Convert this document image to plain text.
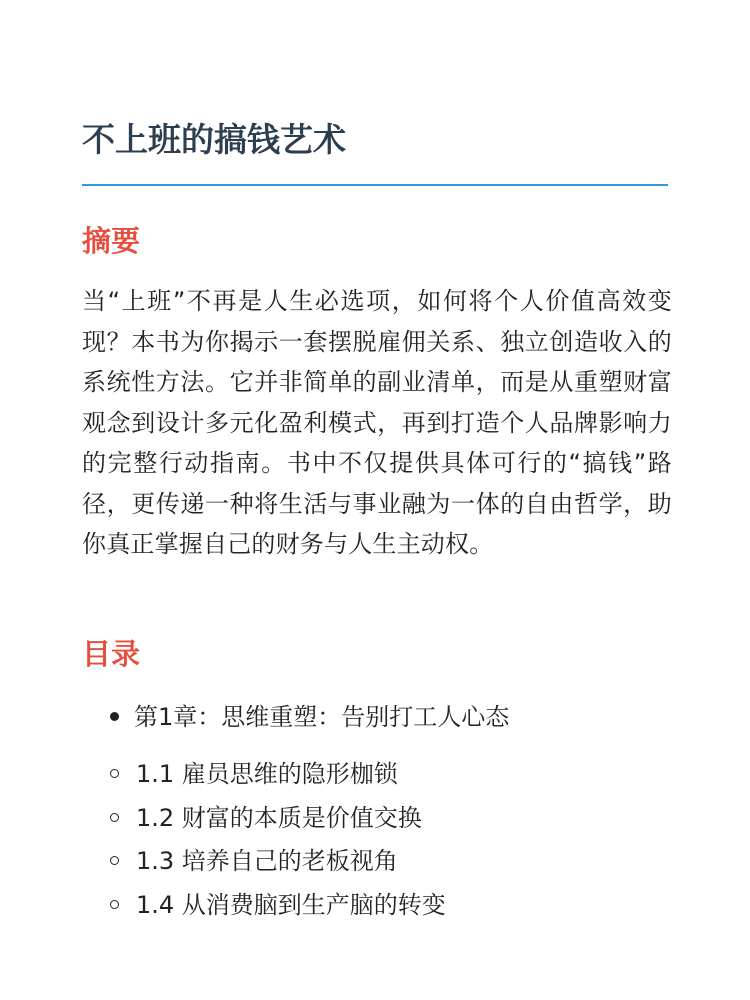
不上班的搞钱艺术
摘要

当“上班”不再是人生必选项，如何将个人价值高效变现？本书为你揭示一套摆脱雇佣关系、独立创造收入的系统性方法。它并非简单的副业清单，而是从重塑财富观念到设计多元化盈利模式，再到打造个人品牌影响力的完整行动指南。书中不仅提供具体可行的“搞钱”路径，更传递一种将生活与事业融为一体的自由哲学，助你真正掌握自己的财务与人生主动权。

目录
第1章：思维重塑：告别打工人心态
1.1 雇员思维的隐形枷锁
1.2 财富的本质是价值交换
1.3 培养自己的老板视角
1.4 从消费脑到生产脑的转变
